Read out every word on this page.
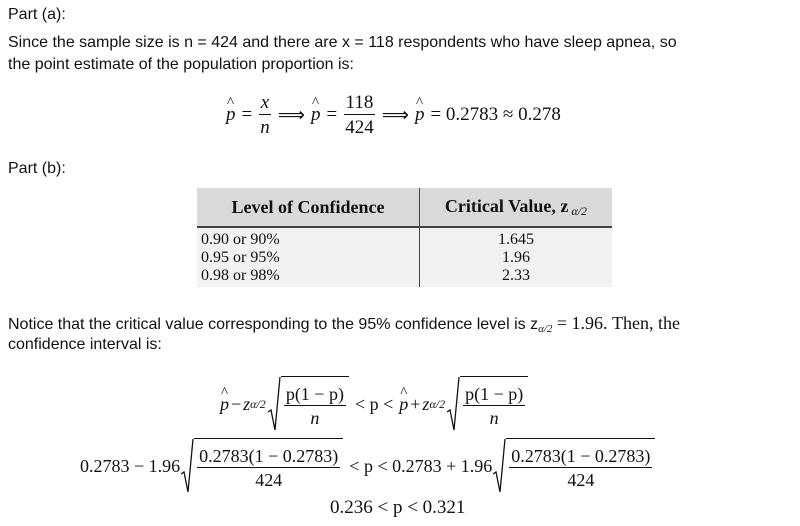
Part (a):
Since the sample size is n = 424 and there are x = 118 respondents who have sleep apnea, so
the point estimate of the population proportion is:
^ $p = \frac{x}{n}$ ⟹ ^ $p = \frac{118}{424}$ ⟹ ^ p = 0.2783 ≈ 0.278
Part (b):
Level of Confidence	Critical Value, z $_{\alpha/2}$
0.90 or 90%	1.645
0.95 or 95%	1.96
0.98 or 98%	2.33
Notice that the critical value corresponding to the 95% confidence level is $z_{\alpha/2} = 1.96$. Then, the
confidence interval is:
^ p − z $\alpha/2 \frac{p(1 - p)}{n} < p$ < ^ p + z $\alpha/2 \frac{p(1 - p)}{n}$
$0.2783 - 1.96 \frac{0.2783(1 - 0.2783)}{424} < p < 0.2783 + 1.96 \frac{0.2783(1 - 0.2783)}{424}$
0.236 < p < 0.321
